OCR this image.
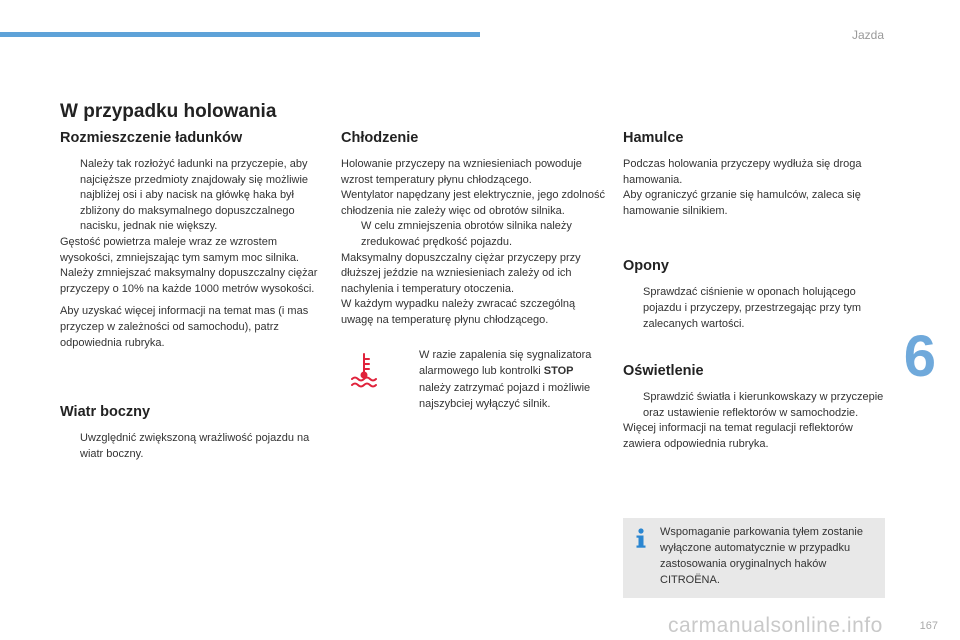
Jazda
6
167
W przypadku holowania
Rozmieszczenie ładunków
Należy tak rozłożyć ładunki na przyczepie, aby najcięższe przedmioty znajdowały się możliwie najbliżej osi i aby nacisk na główkę haka był zbliżony do maksymalnego dopuszczalnego nacisku, jednak nie większy.

Gęstość powietrza maleje wraz ze wzrostem wysokości, zmniejszając tym samym moc silnika. Należy zmniejszać maksymalny dopuszczalny ciężar przyczepy o 10% na każde 1000 metrów wysokości.

Aby uzyskać więcej informacji na temat mas (i mas przyczep w zależności od samochodu), patrz odpowiednia rubryka.

Wiatr boczny
Uwzględnić zwiększoną wrażliwość pojazdu na wiatr boczny.
Chłodzenie

Holowanie przyczepy na wzniesieniach powoduje wzrost temperatury płynu chłodzącego.

Wentylator napędzany jest elektrycznie, jego zdolność chłodzenia nie zależy więc od obrotów silnika.

W celu zmniejszenia obrotów silnika należy zredukować prędkość pojazdu.

Maksymalny dopuszczalny ciężar przyczepy przy dłuższej jeździe na wzniesieniach zależy od ich nachylenia i temperatury otoczenia.

W każdym wypadku należy zwracać szczególną uwagę na temperaturę płynu chłodzącego.

W razie zapalenia się sygnalizatora alarmowego lub kontrolki STOP należy zatrzymać pojazd i możliwie najszybciej wyłączyć silnik.
Hamulce

Podczas holowania przyczepy wydłuża się droga hamowania.

Aby ograniczyć grzanie się hamulców, zaleca się hamowanie silnikiem.

Opony
Sprawdzać ciśnienie w oponach holującego pojazdu i przyczepy, przestrzegając przy tym zalecanych wartości.
Oświetlenie
Sprawdzić światła i kierunkowskazy w przyczepie oraz ustawienie reflektorów w samochodzie.

Więcej informacji na temat regulacji reflektorów zawiera odpowiednia rubryka.

Wspomaganie parkowania tyłem zostanie wyłączone automatycznie w przypadku zastosowania oryginalnych haków CITROËNA.
carmanualsonline.info
